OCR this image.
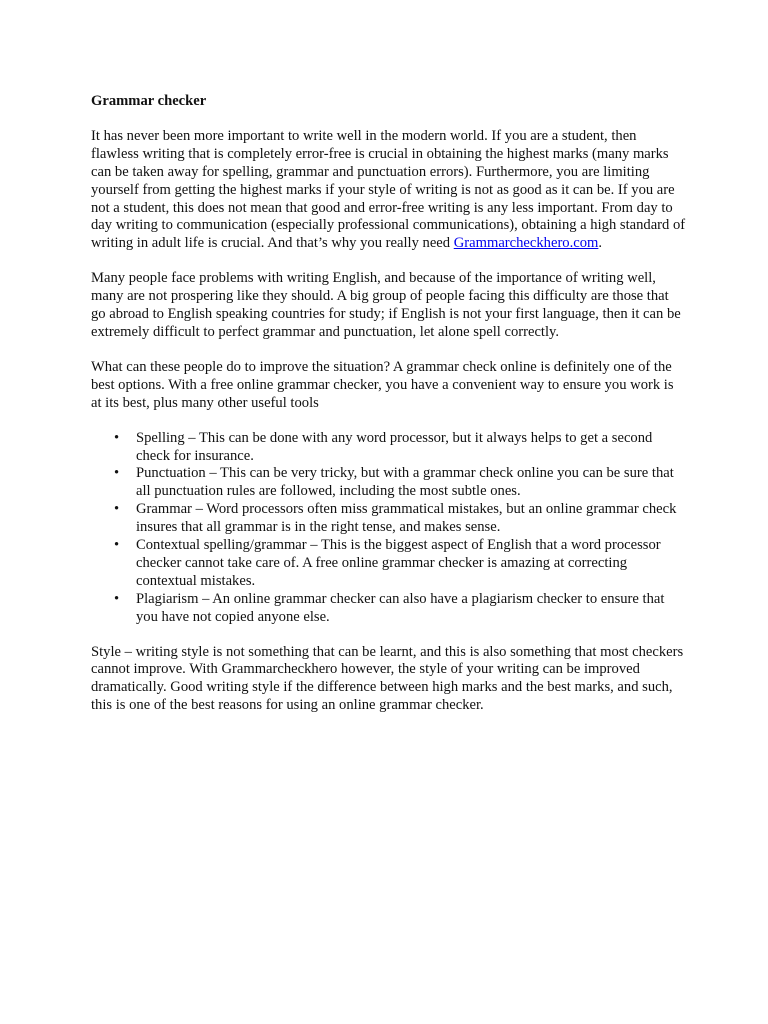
Grammar checker

It has never been more important to write well in the modern world. If you are a student, then flawless writing that is completely error-free is crucial in obtaining the highest marks (many marks can be taken away for spelling, grammar and punctuation errors). Furthermore, you are limiting yourself from getting the highest marks if your style of writing is not as good as it can be. If you are not a student, this does not mean that good and error-free writing is any less important. From day to day writing to communication (especially professional communications), obtaining a high standard of writing in adult life is crucial. And that’s why you really need Grammarcheckhero.com.

Many people face problems with writing English, and because of the importance of writing well, many are not prospering like they should. A big group of people facing this difficulty are those that go abroad to English speaking countries for study; if English is not your first language, then it can be extremely difficult to perfect grammar and punctuation, let alone spell correctly.

What can these people do to improve the situation? A grammar check online is definitely one of the best options. With a free online grammar checker, you have a convenient way to ensure you work is at its best, plus many other useful tools

• Spelling – This can be done with any word processor, but it always helps to get a second check for insurance.
• Punctuation – This can be very tricky, but with a grammar check online you can be sure that all punctuation rules are followed, including the most subtle ones.
• Grammar – Word processors often miss grammatical mistakes, but an online grammar check insures that all grammar is in the right tense, and makes sense.
• Contextual spelling/grammar – This is the biggest aspect of English that a word processor checker cannot take care of. A free online grammar checker is amazing at correcting contextual mistakes.
• Plagiarism – An online grammar checker can also have a plagiarism checker to ensure that you have not copied anyone else.

Style – writing style is not something that can be learnt, and this is also something that most checkers cannot improve. With Grammarcheckhero however, the style of your writing can be improved dramatically. Good writing style if the difference between high marks and the best marks, and such, this is one of the best reasons for using an online grammar checker.
